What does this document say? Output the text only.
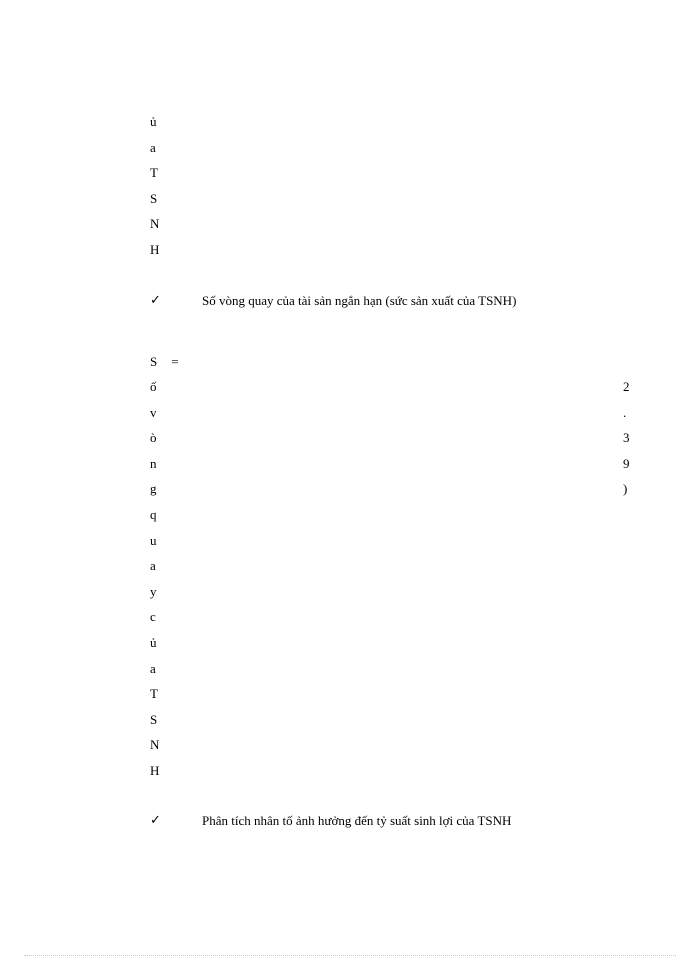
ủ
a
T
S
N
H
✓	Số vòng quay của tài sản ngắn hạn (sức sản xuất của TSNH)
S =
ố
v
ò
n
g
q
u
a
y
c
ủ
a
T
S
N
H
2
.
3
9
)
✓	Phân tích nhân tố ảnh hưởng đến tỷ suất sinh lợi của TSNH
